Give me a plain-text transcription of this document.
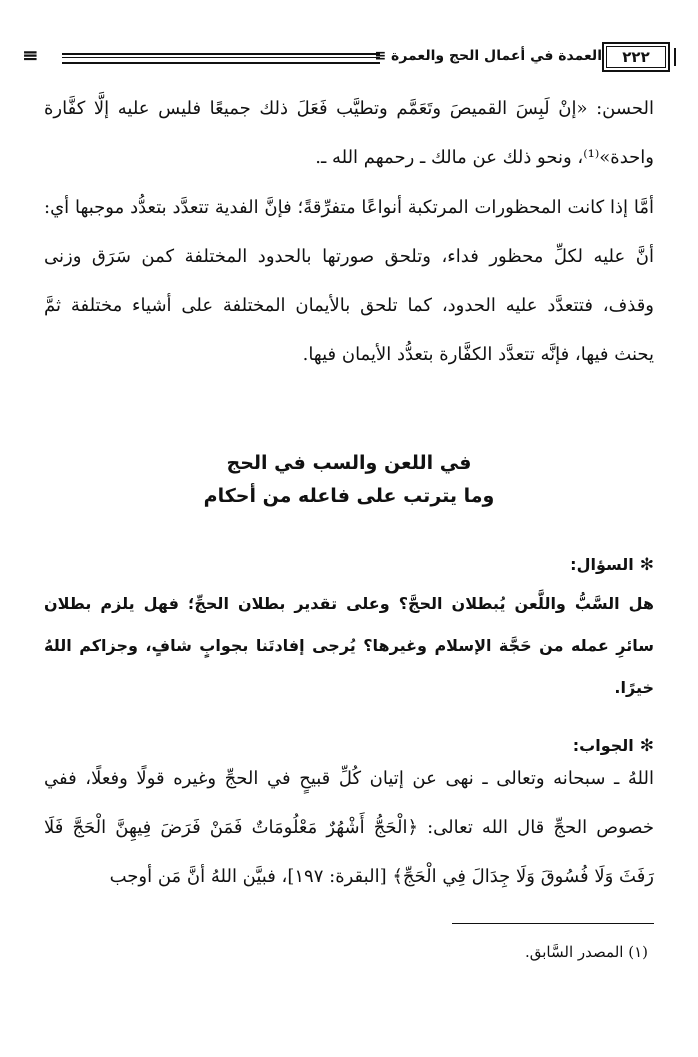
≡	العمدة في أعمال الحج والعمرة ≡	٢٢٢

الحسن: «إنْ لَبِسَ القميصَ وتَعَمَّم وتطيَّب فَعَلَ ذلك جميعًا فليس عليه إلَّا كفَّارة واحدة»⁽¹⁾، ونحو ذلك عن مالك ـ رحمهم الله ـ.

أمَّا إذا كانت المحظورات المرتكبة أنواعًا متفرِّقةً؛ فإنَّ الفدية تتعدَّد بتعدُّد موجبها أي: أنَّ عليه لكلِّ محظور فداء، وتلحق صورتها بالحدود المختلفة كمن سَرَق وزنى وقذف، فتتعدَّد عليه الحدود، كما تلحق بالأيمان المختلفة على أشياء مختلفة ثمَّ يحنث فيها، فإنَّه تتعدَّد الكفَّارة بتعدُّد الأيمان فيها.

في اللعن والسب في الحج
وما يترتب على فاعله من أحكام
✻السؤال:

هل السَّبُّ واللَّعن يُبطلان الحجَّ؟ وعلى تقدير بطلان الحجِّ؛ فهل يلزم بطلان سائرِ عمله من حَجَّة الإسلام وغيرها؟ يُرجى إفادتَنا بجوابٍ شافٍ، وجزاكم اللهُ خيرًا.

✻الجواب:

اللهُ ـ سبحانه وتعالى ـ نهى عن إتيان كُلِّ قبيحٍ في الحجِّ وغيره قولًا وفعلًا، ففي خصوص الحجِّ قال الله تعالى: ﴿الْحَجُّ أَشْهُرٌ مَعْلُومَاتٌ فَمَنْ فَرَضَ فِيهِنَّ الْحَجَّ فَلَا رَفَثَ وَلَا فُسُوقَ وَلَا جِدَالَ فِي الْحَجِّ﴾ [البقرة: ١٩٧]، فبيَّن اللهُ أنَّ مَن أوجب

(١) المصدر السَّابق.
